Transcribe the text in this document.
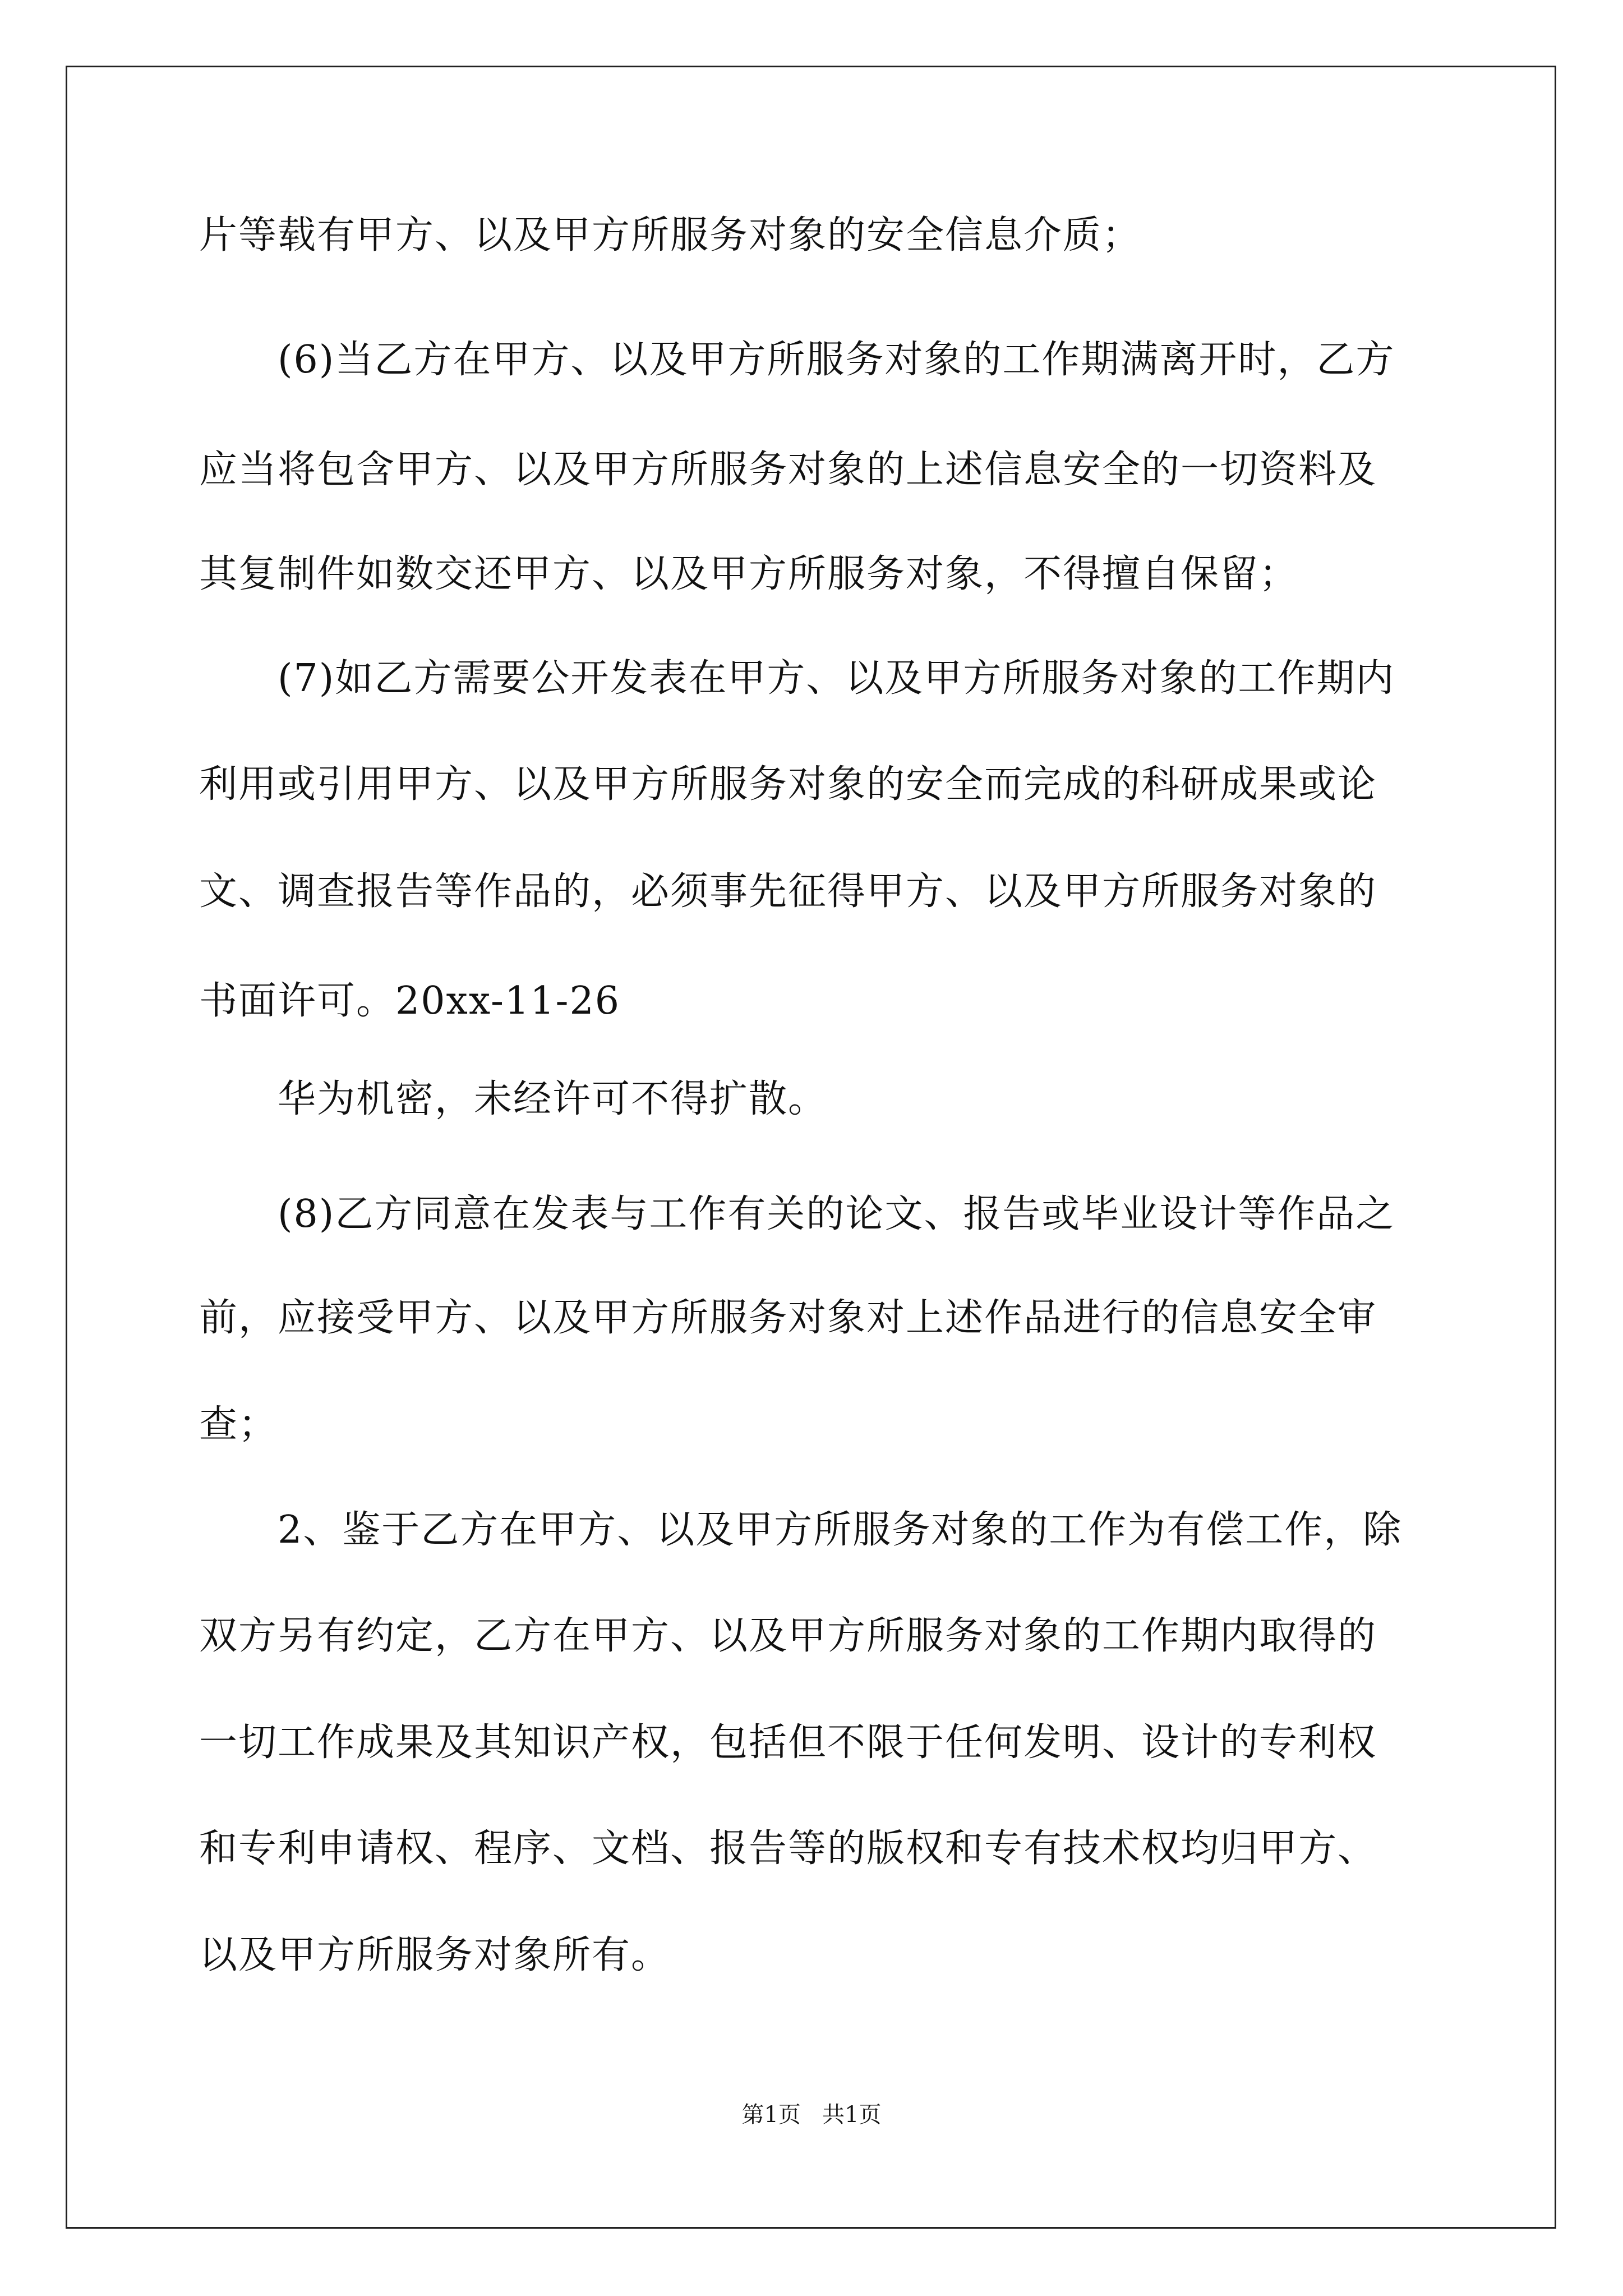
片等载有甲方、以及甲方所服务对象的安全信息介质；
(6)当乙方在甲方、以及甲方所服务对象的工作期满离开时，乙方
应当将包含甲方、以及甲方所服务对象的上述信息安全的一切资料及
其复制件如数交还甲方、以及甲方所服务对象，不得擅自保留；
(7)如乙方需要公开发表在甲方、以及甲方所服务对象的工作期内
利用或引用甲方、以及甲方所服务对象的安全而完成的科研成果或论
文、调查报告等作品的，必须事先征得甲方、以及甲方所服务对象的
书面许可。20xx-11-26
华为机密，未经许可不得扩散。
(8)乙方同意在发表与工作有关的论文、报告或毕业设计等作品之
前，应接受甲方、以及甲方所服务对象对上述作品进行的信息安全审
查；
2、鉴于乙方在甲方、以及甲方所服务对象的工作为有偿工作，除
双方另有约定，乙方在甲方、以及甲方所服务对象的工作期内取得的
一切工作成果及其知识产权，包括但不限于任何发明、设计的专利权
和专利申请权、程序、文档、报告等的版权和专有技术权均归甲方、
以及甲方所服务对象所有。
第1页   共1页
